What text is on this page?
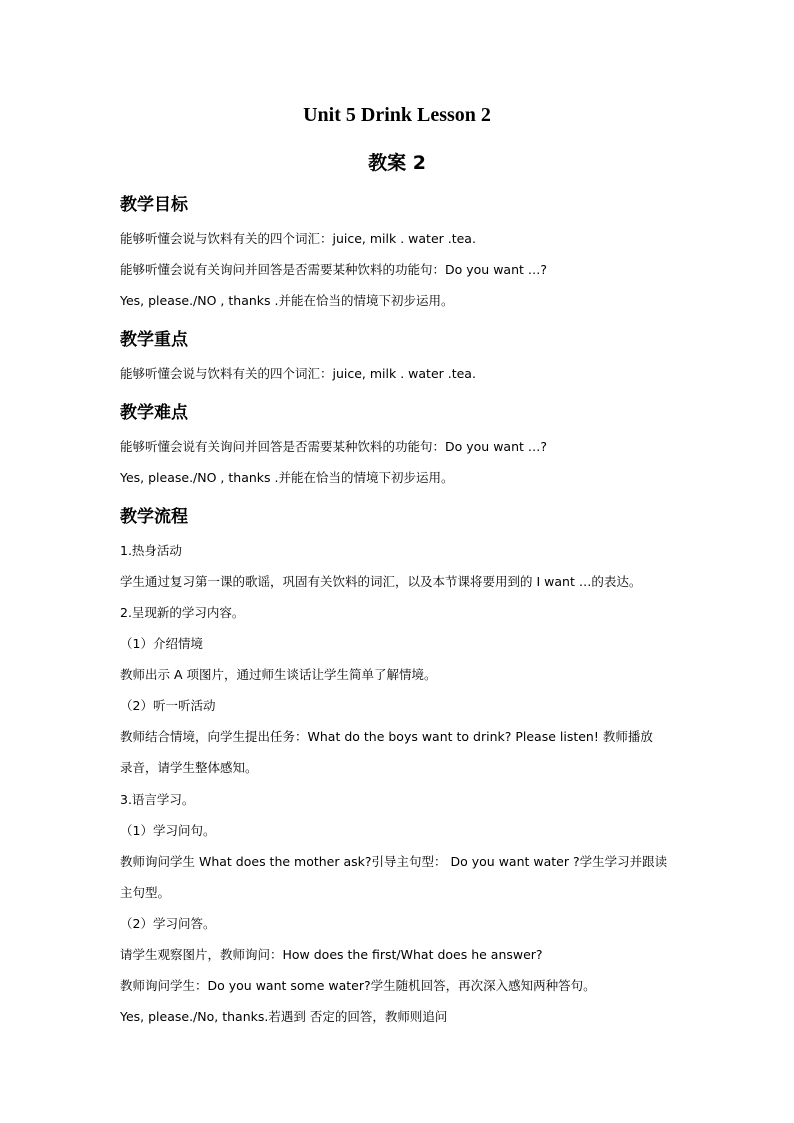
Unit 5 Drink Lesson 2
教案 2
教学目标
能够听懂会说与饮料有关的四个词汇：juice, milk . water .tea.
能够听懂会说有关询问并回答是否需要某种饮料的功能句：Do you want …?
Yes, please./NO , thanks .并能在恰当的情境下初步运用。
教学重点
能够听懂会说与饮料有关的四个词汇：juice, milk . water .tea.
教学难点
能够听懂会说有关询问并回答是否需要某种饮料的功能句：Do you want …?
Yes, please./NO , thanks .并能在恰当的情境下初步运用。
教学流程
1.热身活动
学生通过复习第一课的歌谣，巩固有关饮料的词汇，以及本节课将要用到的 I want …的表达。
2.呈现新的学习内容。
（1）介绍情境
教师出示 A 项图片，通过师生谈话让学生简单了解情境。
（2）听一听活动
教师结合情境，向学生提出任务：What do the boys want to drink? Please listen! 教师播放
录音，请学生整体感知。
3.语言学习。
（1）学习问句。
教师询问学生 What does the mother ask?引导主句型： Do you want water ?学生学习并跟读
主句型。
（2）学习问答。
请学生观察图片，教师询问：How does the first/What does he answer?
教师询问学生：Do you want some water?学生随机回答，再次深入感知两种答句。
Yes, please./No, thanks.若遇到 否定的回答，教师则追问
